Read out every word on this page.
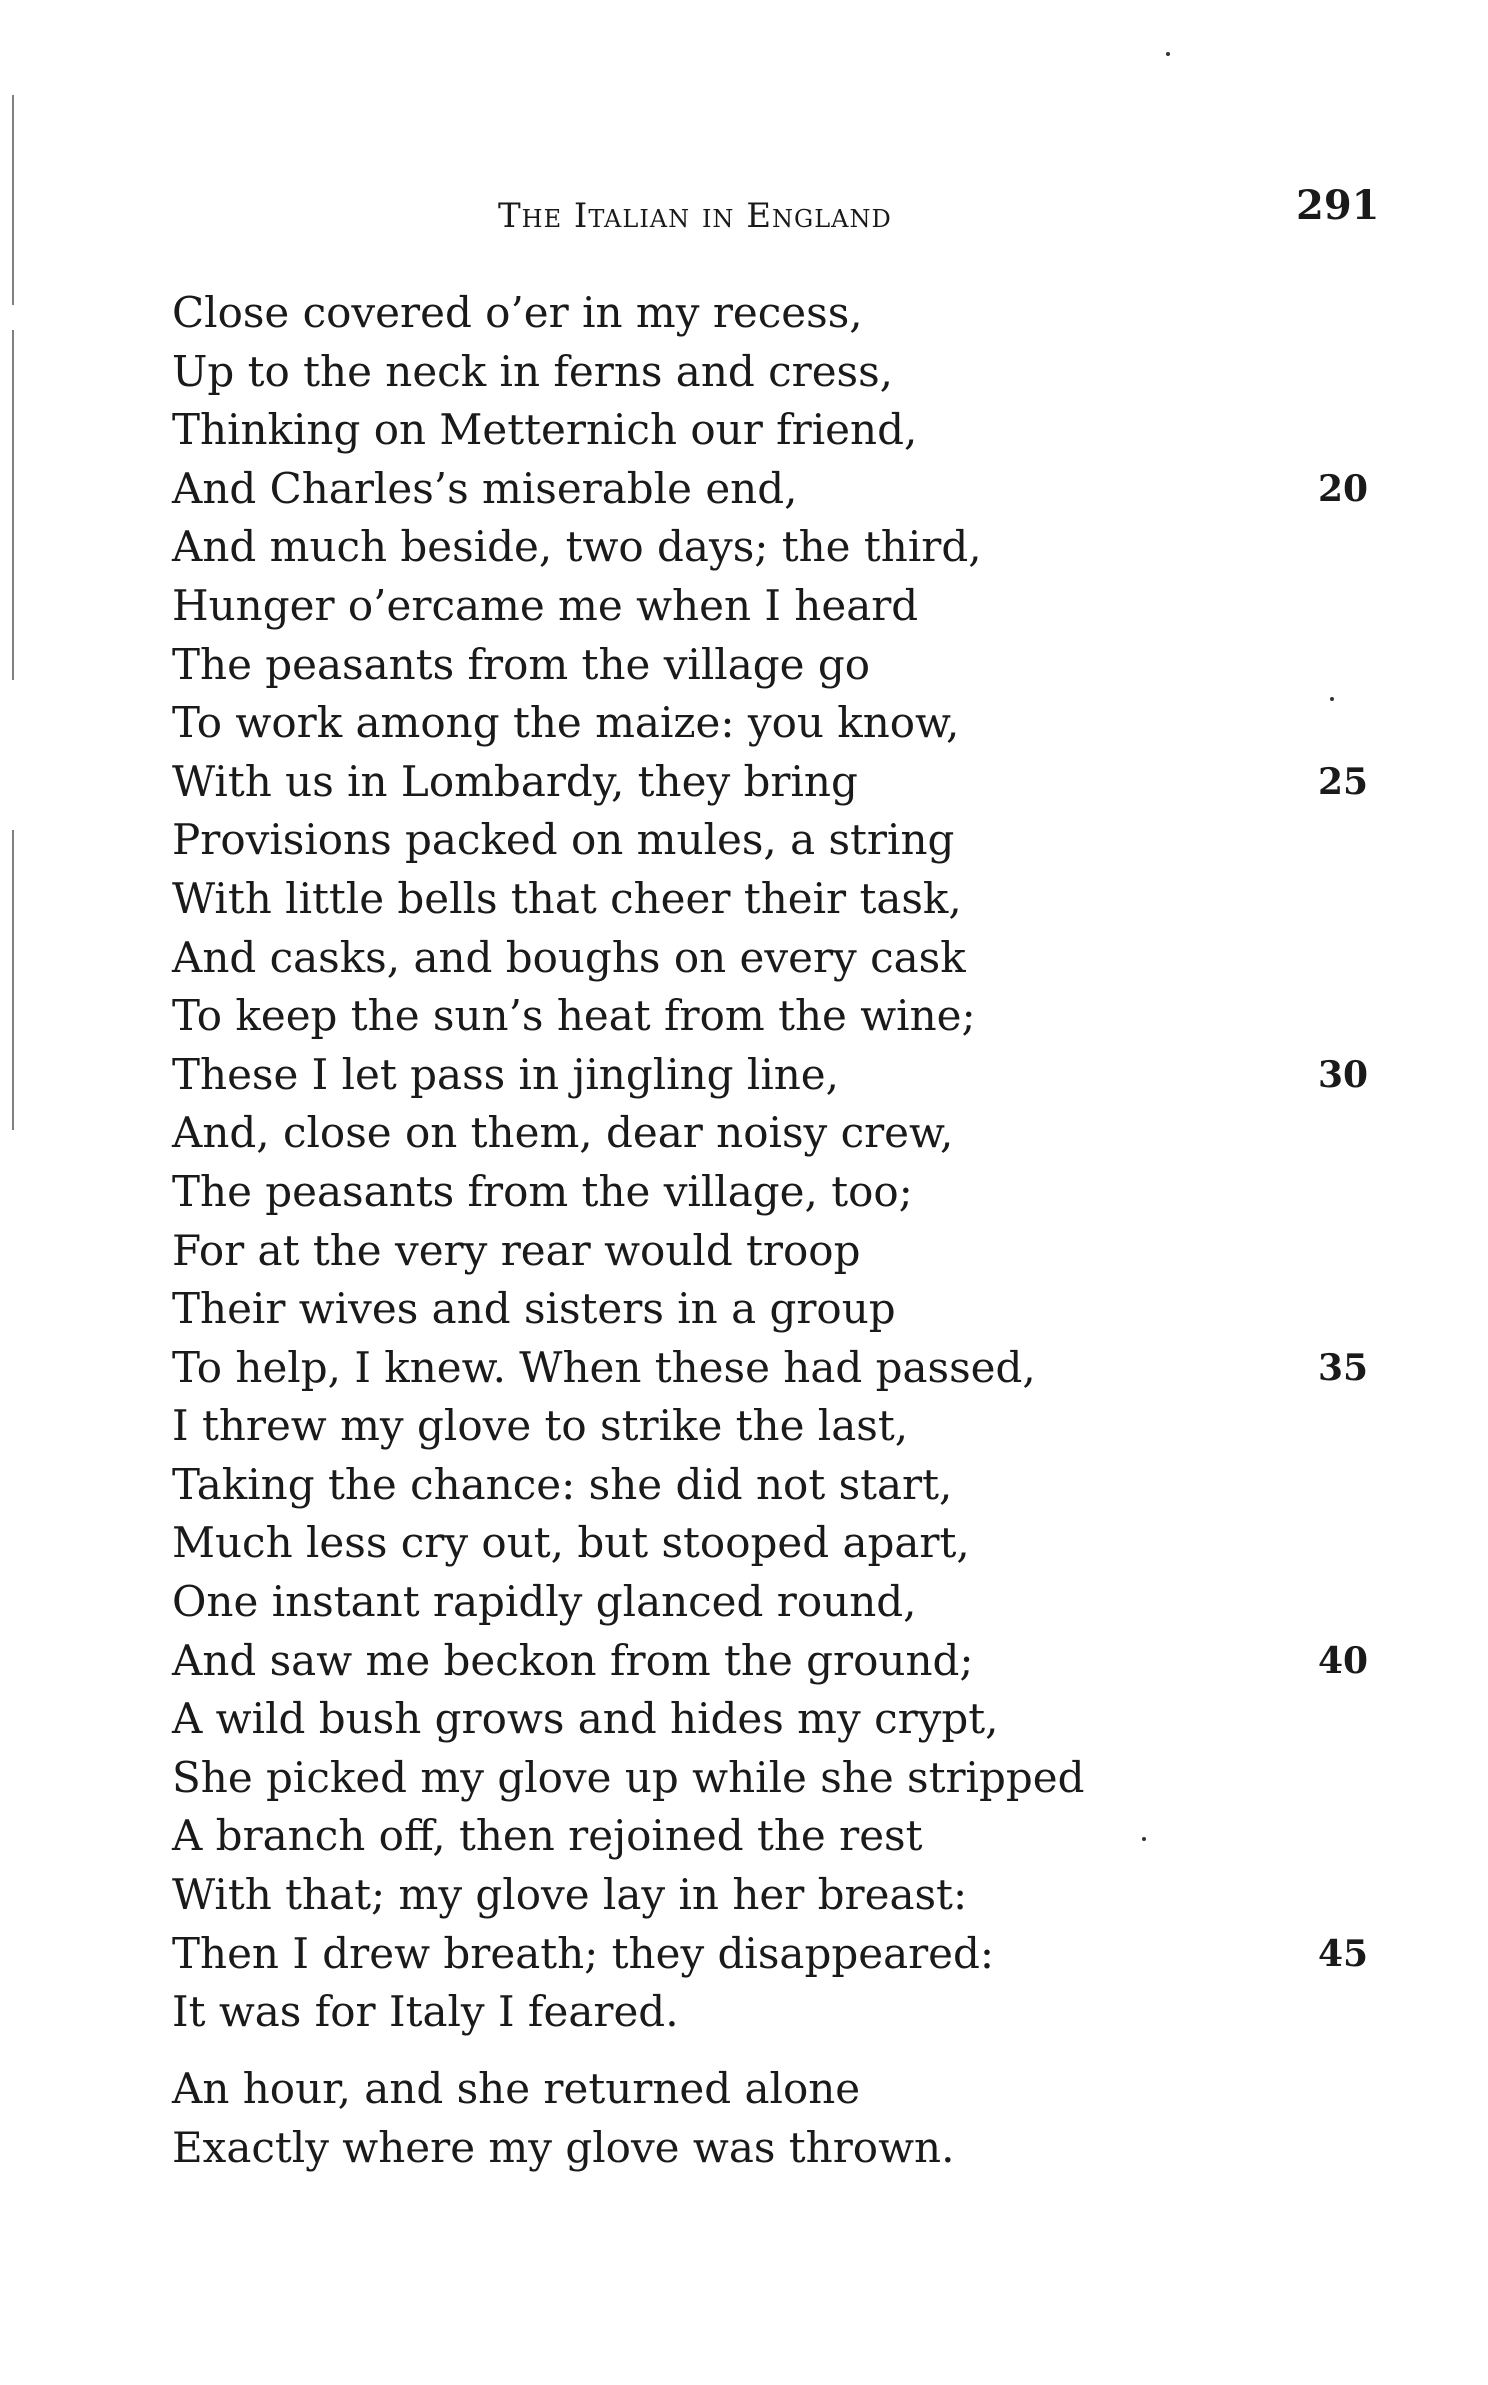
The Italian in England	291
Close covered o’er in my recess,
Up to the neck in ferns and cress,
Thinking on Metternich our friend,
And Charles’s miserable end,	20
And much beside, two days; the third,
Hunger o’ercame me when I heard
The peasants from the village go
To work among the maize: you know,
With us in Lombardy, they bring	25
Provisions packed on mules, a string
With little bells that cheer their task,
And casks, and boughs on every cask
To keep the sun’s heat from the wine;
These I let pass in jingling line,	30
And, close on them, dear noisy crew,
The peasants from the village, too;
For at the very rear would troop
Their wives and sisters in a group
To help, I knew. When these had passed,	35
I threw my glove to strike the last,
Taking the chance: she did not start,
Much less cry out, but stooped apart,
One instant rapidly glanced round,
And saw me beckon from the ground;	40
A wild bush grows and hides my crypt,
She picked my glove up while she stripped
A branch off, then rejoined the rest
With that; my glove lay in her breast:
Then I drew breath; they disappeared:	45
It was for Italy I feared.
An hour, and she returned alone
Exactly where my glove was thrown.
